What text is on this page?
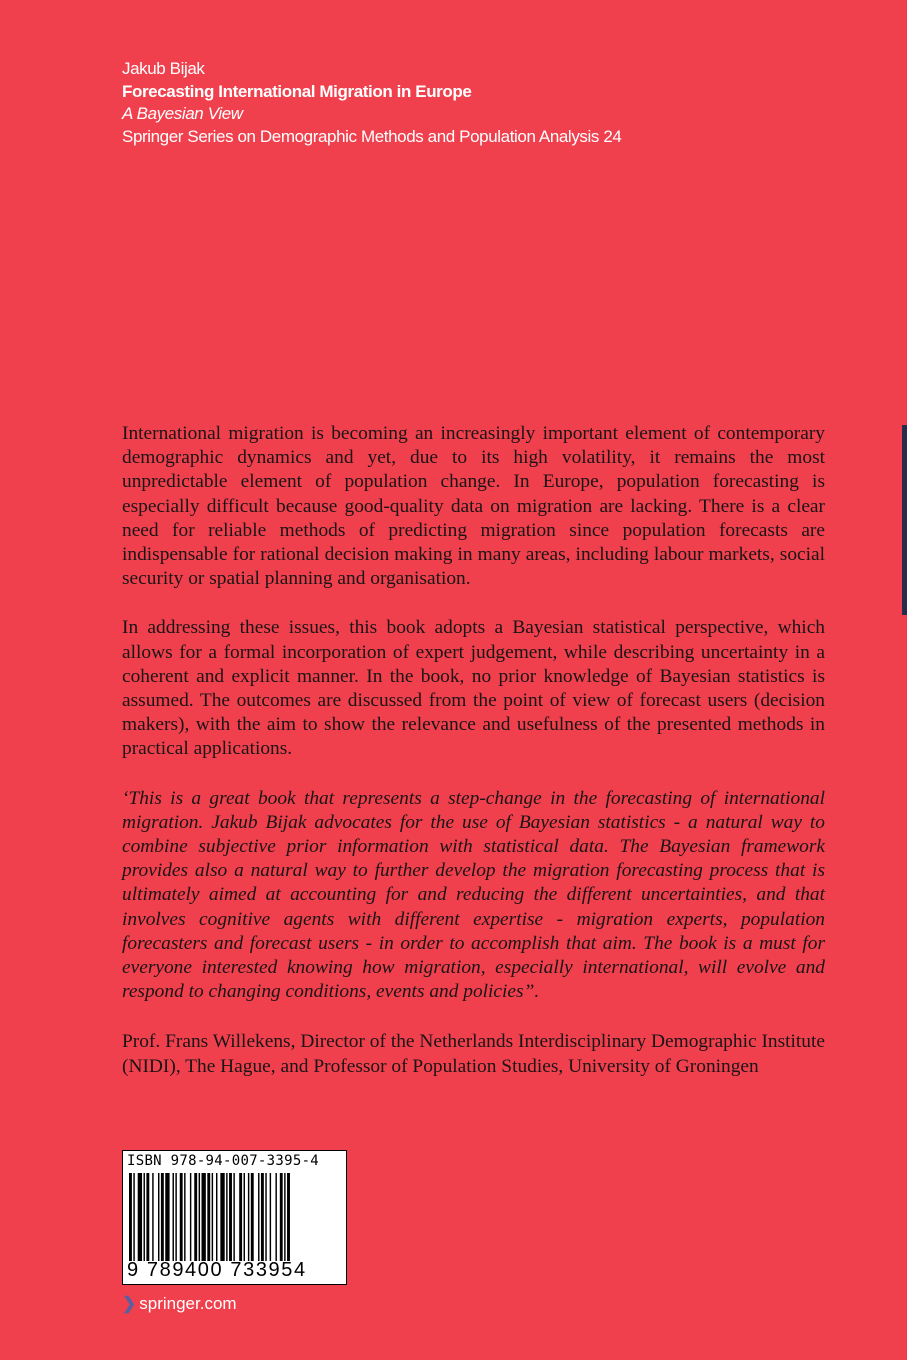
Jakub Bijak
Forecasting International Migration in Europe
A Bayesian View
Springer Series on Demographic Methods and Population Analysis 24

International migration is becoming an increasingly important element of contemporary demographic dynamics and yet, due to its high volatility, it remains the most unpredictable element of population change. In Europe, population forecasting is especially difficult because good-quality data on migration are lacking. There is a clear need for reliable methods of predicting migration since population forecasts are indispensable for rational decision making in many areas, including labour markets, social security or spatial planning and organisation.

In addressing these issues, this book adopts a Bayesian statistical perspective, which allows for a formal incorporation of expert judgement, while describing uncertainty in a coherent and explicit manner. In the book, no prior knowledge of Bayesian statistics is assumed. The outcomes are discussed from the point of view of forecast users (decision makers), with the aim to show the relevance and usefulness of the presented methods in practical applications.

‘This is a great book that represents a step-change in the forecasting of international migration. Jakub Bijak advocates for the use of Bayesian statistics - a natural way to combine subjective prior information with statistical data. The Bayesian framework provides also a natural way to further develop the migration forecasting process that is ultimately aimed at accounting for and reducing the different uncertainties, and that involves cognitive agents with different expertise - migration experts, population forecasters and forecast users - in order to accomplish that aim. The book is a must for everyone interested knowing how migration, especially international, will evolve and respond to changing conditions, events and policies”.

Prof. Frans Willekens, Director of the Netherlands Interdisciplinary Demographic Institute (NIDI), The Hague, and Professor of Population Studies, University of Groningen

ISBN 978-94-007-3395-4
9 789400 733954
❯ springer.com
